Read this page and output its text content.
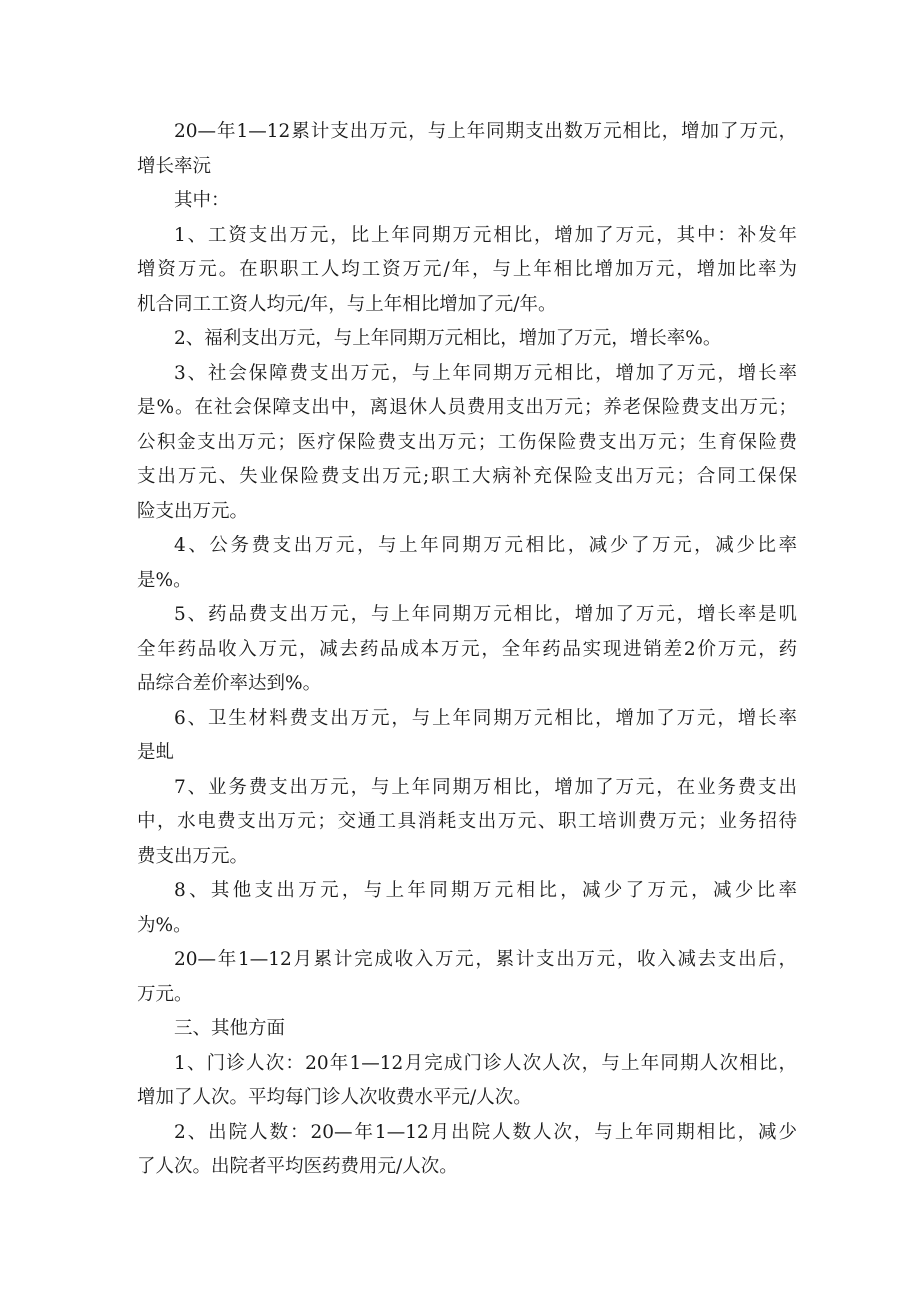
20—年1—12累计支出万元，与上年同期支出数万元相比，增加了万元，
增长率沅
其中：
1、工资支出万元，比上年同期万元相比，增加了万元，其中：补发年
增资万元。在职职工人均工资万元/年，与上年相比增加万元，增加比率为
机合同工工资人均元/年，与上年相比增加了元/年。
2、福利支出万元，与上年同期万元相比，增加了万元，增长率%。
3、社会保障费支出万元，与上年同期万元相比，增加了万元，增长率
是%。在社会保障支出中，离退休人员费用支出万元；养老保险费支出万元；
公积金支出万元；医疗保险费支出万元；工伤保险费支出万元；生育保险费
支出万元、失业保险费支出万元;职工大病补充保险支出万元；合同工保保
险支出万元。
4、公务费支出万元，与上年同期万元相比，减少了万元，减少比率
是%。
5、药品费支出万元，与上年同期万元相比，增加了万元，增长率是叽
全年药品收入万元，减去药品成本万元，全年药品实现进销差2价万元，药
品综合差价率达到%。
6、卫生材料费支出万元，与上年同期万元相比，增加了万元，增长率
是虬
7、业务费支出万元，与上年同期万相比，增加了万元，在业务费支出
中，水电费支出万元；交通工具消耗支出万元、职工培训费万元；业务招待
费支出万元。
8、其他支出万元，与上年同期万元相比，减少了万元，减少比率
为%。
20—年1—12月累计完成收入万元，累计支出万元，收入减去支出后，
万元。
三、其他方面
1、门诊人次：20年1—12月完成门诊人次人次，与上年同期人次相比，
增加了人次。平均每门诊人次收费水平元/人次。
2、出院人数：20—年1—12月出院人数人次，与上年同期相比，减少
了人次。出院者平均医药费用元/人次。
